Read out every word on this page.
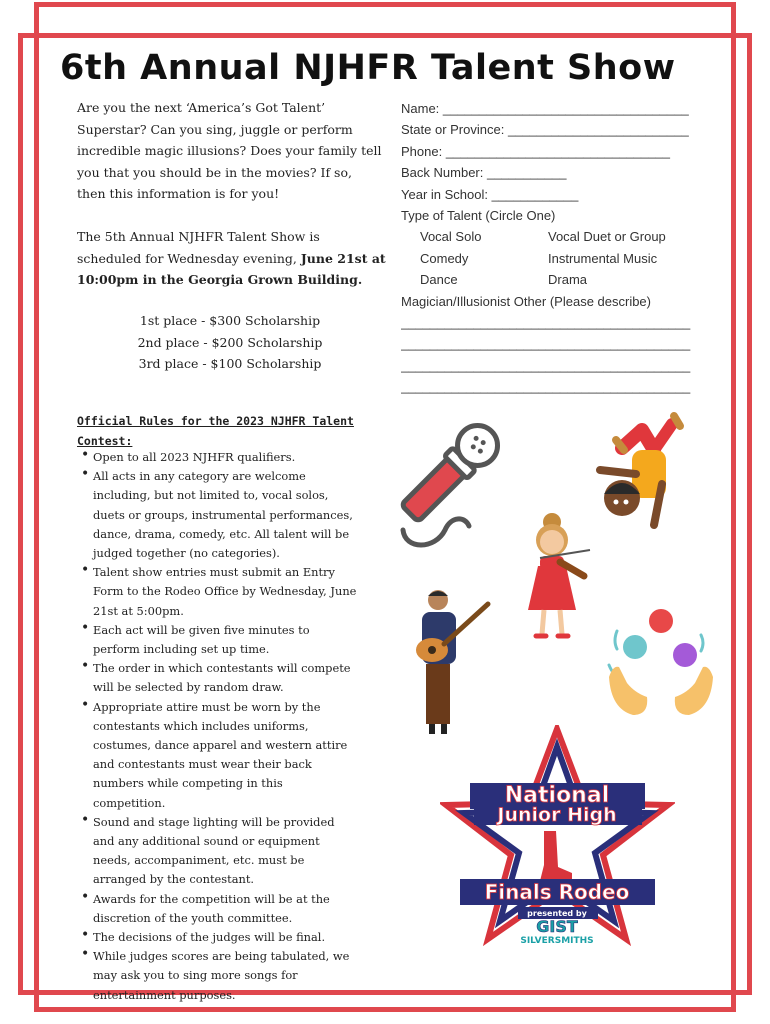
6th Annual NJHFR Talent Show
Are you the next ‘America’s Got Talent’ Superstar? Can you sing, juggle or perform incredible magic illusions? Does your family tell you that you should be in the movies? If so, then this information is for you!
The 5th Annual NJHFR Talent Show is scheduled for Wednesday evening, June 21st at 10:00pm in the Georgia Grown Building.
1st place - $300 Scholarship
2nd place - $200 Scholarship
3rd place - $100 Scholarship
Name: __________________________________
State or Province: _________________________
Phone: _______________________________
Back Number: ___________
Year in School: ____________
Type of Talent (Circle One)
Vocal Solo	Vocal Duet or Group
Comedy	Instrumental Music
Dance	Drama
Magician/Illusionist Other (Please describe)
________________________________________
________________________________________
________________________________________
________________________________________
Official Rules for the 2023 NJHFR Talent Contest:
• Open to all 2023 NJHFR qualifiers.
• All acts in any category are welcome including, but not limited to, vocal solos, duets or groups, instrumental performances, dance, drama, comedy, etc. All talent will be judged together (no categories).
• Talent show entries must submit an Entry Form to the Rodeo Office by Wednesday, June 21st at 5:00pm.
• Each act will be given five minutes to perform including set up time.
• The order in which contestants will compete will be selected by random draw.
• Appropriate attire must be worn by the contestants which includes uniforms, costumes, dance apparel and western attire and contestants must wear their back numbers while competing in this competition.
• Sound and stage lighting will be provided and any additional sound or equipment needs, accompaniment, etc. must be arranged by the contestant.
• Awards for the competition will be at the discretion of the youth committee.
• The decisions of the judges will be final.
• While judges scores are being tabulated, we may ask you to sing more songs for entertainment purposes.
National
Junior High
Finals Rodeo
presented by
GIST
SILVERSMITHS
